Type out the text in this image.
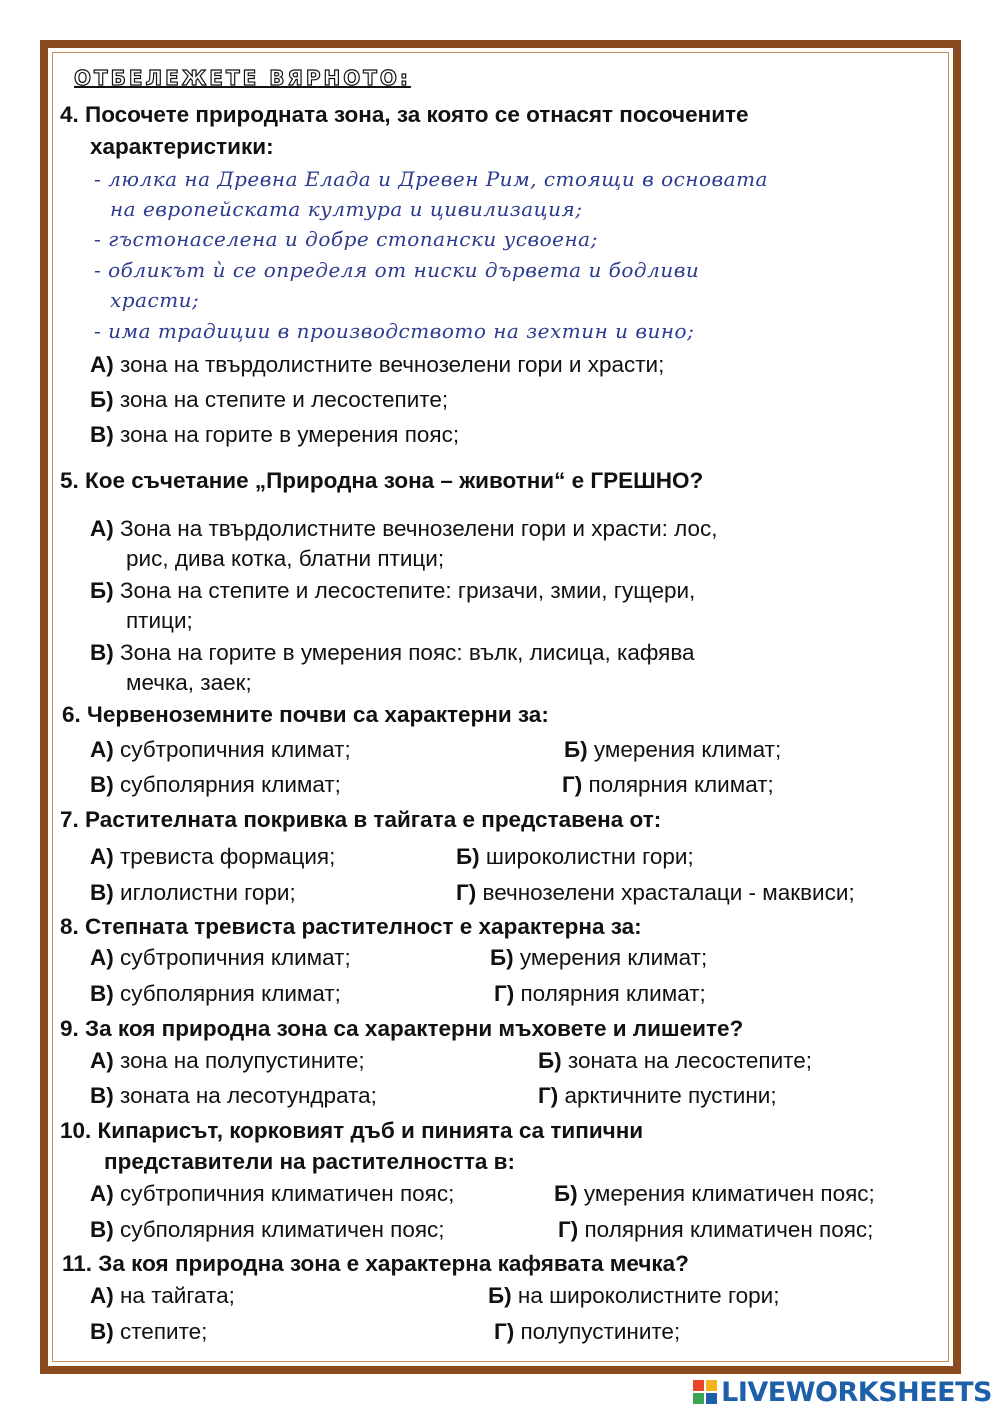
ОТБЕЛЕЖЕТЕ ВЯРНОТО:
4. Посочете природната зона, за която се отнасят посочените
характеристики:
- люлка на Древна Елада и Древен Рим, стоящи в основата
на европейската култура и цивилизация;
- гъстонаселена и добре стопански усвоена;
- обликът ѝ се определя от ниски дървета и бодливи
храсти;
- има традиции в производството на зехтин и вино;
А) зона на твърдолистните вечнозелени гори и храсти;
Б) зона на степите и лесостепите;
В) зона на горите в умерения пояс;
5. Кое съчетание „Природна зона – животни“ е ГРЕШНО?
А) Зона на твърдолистните вечнозелени гори и храсти: лос,
рис, дива котка, блатни птици;
Б) Зона на степите и лесостепите: гризачи, змии, гущери,
птици;
В) Зона на горите в умерения пояс: вълк, лисица, кафява
мечка, заек;
6. Червеноземните почви са характерни за:
А) субтропичния климат;	Б) умерения климат;
В) субполярния климат;	Г) полярния климат;
7. Растителната покривка в тайгата е представена от:
А) тревиста формация;	Б) широколистни гори;
В) иглолистни гори;	Г) вечнозелени храсталаци - маквиси;
8. Степната тревиста растителност е характерна за:
А) субтропичния климат;	Б) умерения климат;
В) субполярния климат;	Г) полярния климат;
9. За коя природна зона са характерни мъховете и лишеите?
А) зона на полупустините;	Б) зоната на лесостепите;
В) зоната на лесотундрата;	Г) арктичните пустини;
10. Кипарисът, корковият дъб и пинията са типични
представители на растителността в:
А) субтропичния климатичен пояс;	Б) умерения климатичен пояс;
В) субполярния климатичен пояс;	Г) полярния климатичен пояс;
11. За коя природна зона е характерна кафявата мечка?
А) на тайгата;	Б) на широколистните гори;
В) степите;	Г) полупустините;
LIVEWORKSHEETS
